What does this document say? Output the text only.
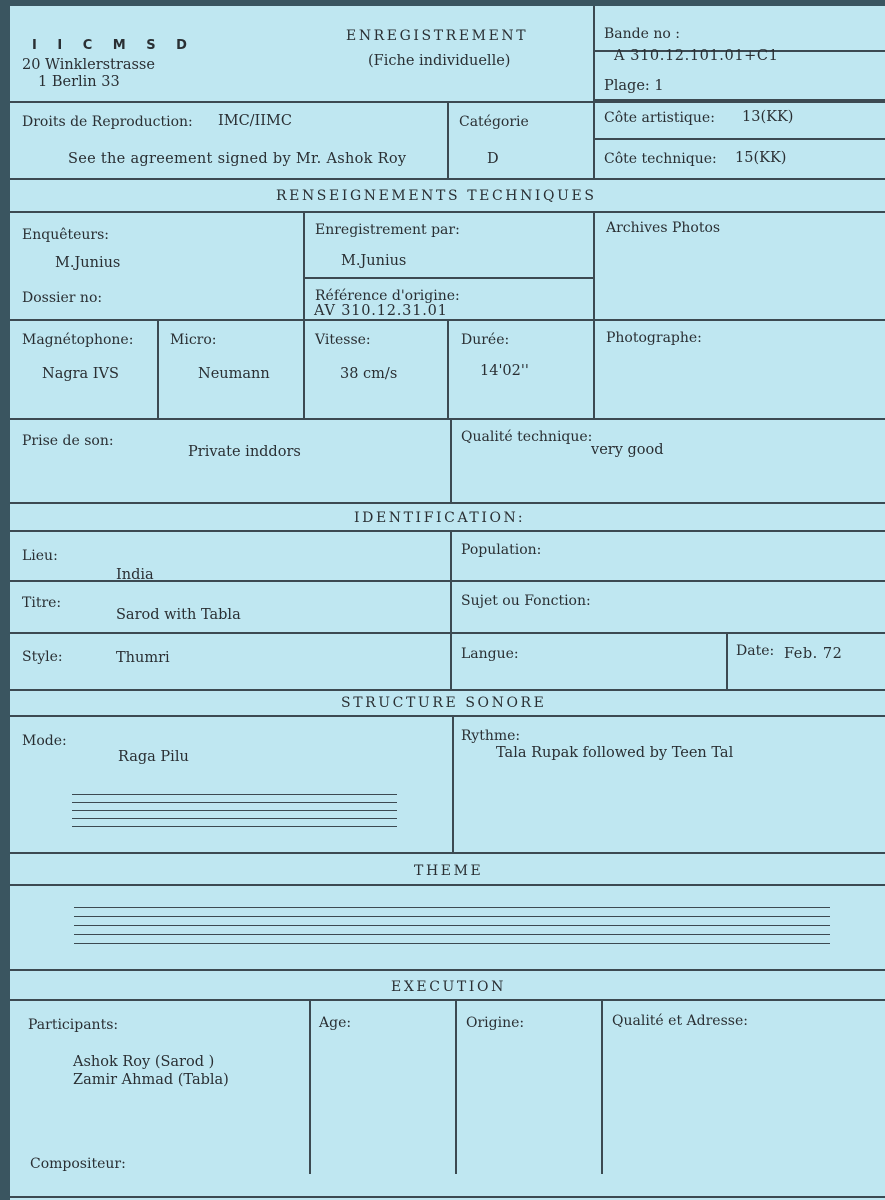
I I C M S D
20 Winklerstrasse
1 Berlin 33
ENREGISTREMENT
(Fiche individuelle)
Bande no :
A 310.12.101.01+C1
Plage: 1
Droits de Reproduction: IMC/IIMC
See the agreement signed by Mr. Ashok Roy
Catégorie
D
Côte artistique: 13(KK)
Côte technique: 15(KK)
RENSEIGNEMENTS TECHNIQUES
Enquêteurs:
M.Junius
Enregistrement par:
M.Junius
Archives Photos
Dossier no:	Référence d'origine:
AV 310.12.31.01
Magnétophone:
Nagra IVS
Micro:
Neumann
Vitesse:
38 cm/s
Durée:
14'02''
Photographe:
Prise de son:
Private inddors
Qualité technique:
very good
IDENTIFICATION:
Lieu:
India
Population:
Titre:
Sarod with Tabla
Sujet ou Fonction:
Style:	Thumri	Langue:	Date: Feb. 72
STRUCTURE SONORE
Mode:
Raga Pilu
Rythme:
Tala Rupak followed by Teen Tal
THEME
EXECUTION
Participants:
Ashok Rоy (Sarod )
Zamir Ahmad (Tabla)
Age:	Origine:	Qualité et Adresse:
Compositeur:
